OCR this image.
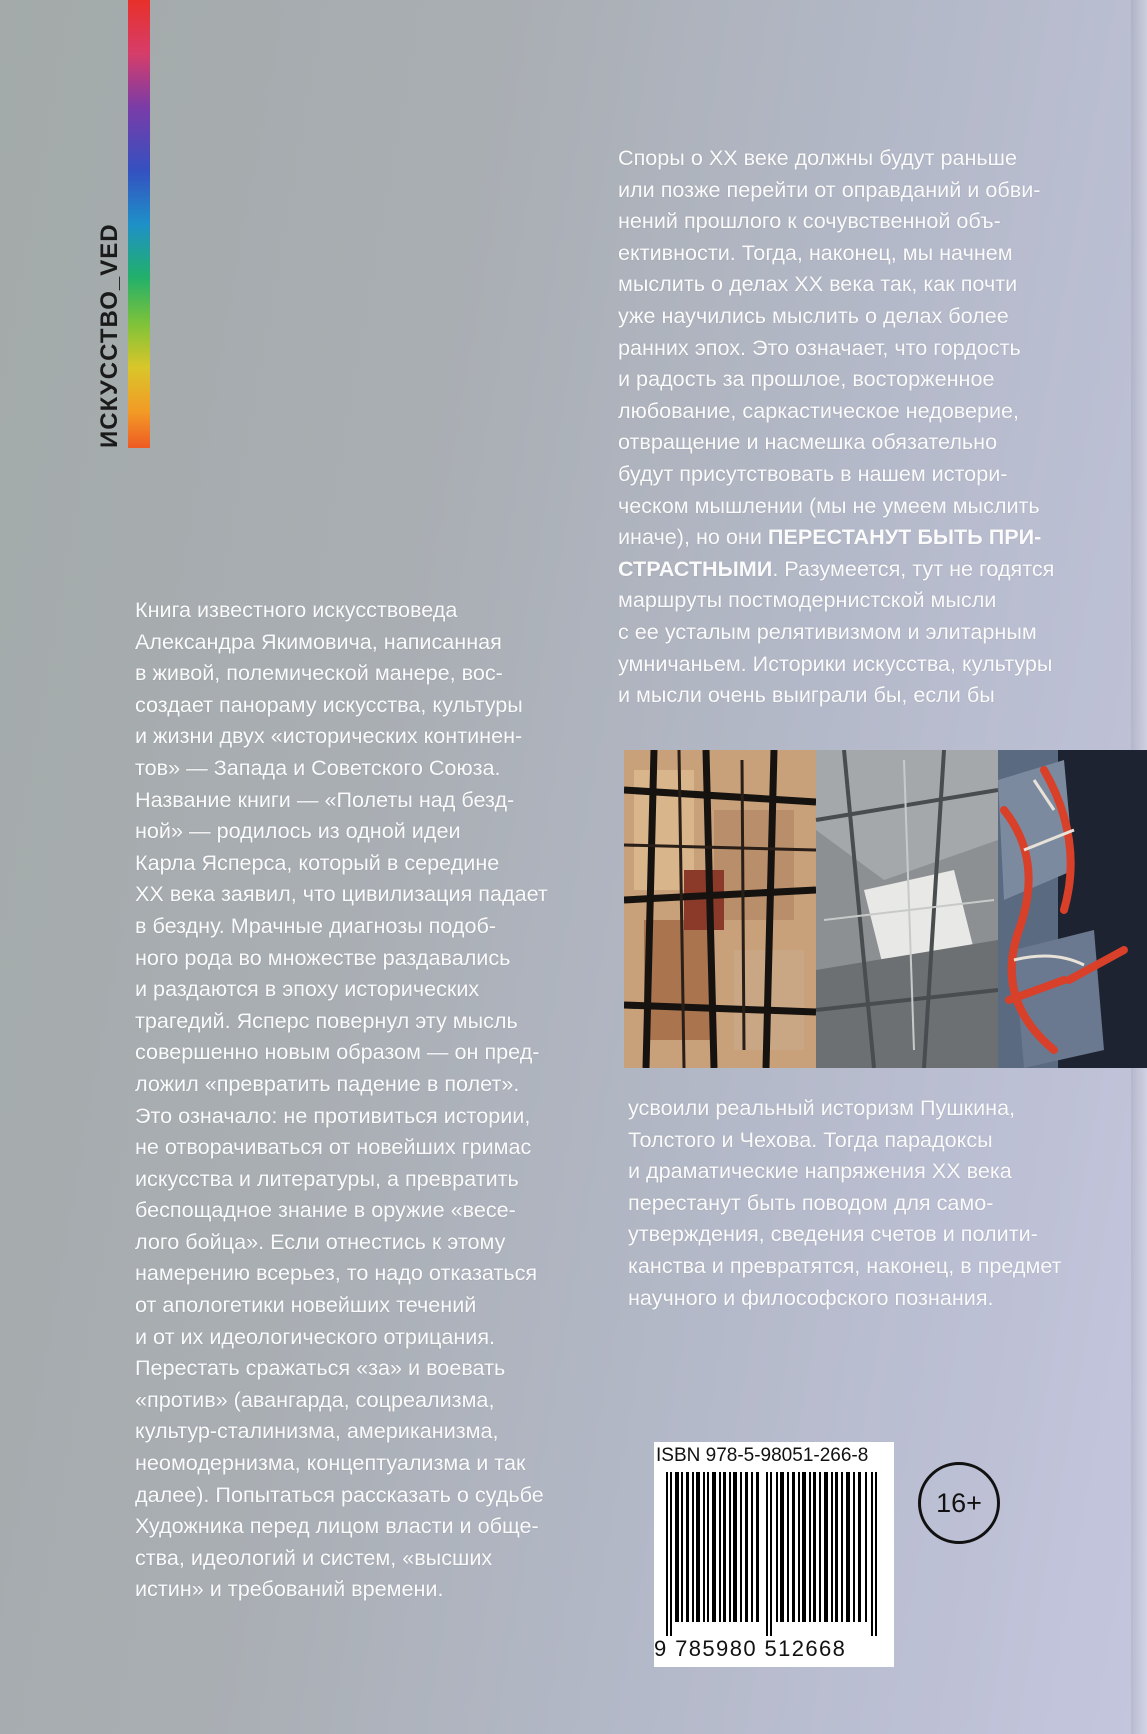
ИСКУССТВО_VED
Книга известного искусствоведа
Александра Якимовича, написанная
в живой, полемической манере, вос-
создает панораму искусства, культуры
и жизни двух «исторических континен-
тов» — Запада и Советского Союза.
Название книги — «Полеты над безд-
ной» — родилось из одной идеи
Карла Ясперса, который в середине
ХХ века заявил, что цивилизация падает
в бездну. Мрачные диагнозы подоб-
ного рода во множестве раздавались
и раздаются в эпоху исторических
трагедий. Ясперс повернул эту мысль
совершенно новым образом — он пред-
ложил «превратить падение в полет».
Это означало: не противиться истории,
не отворачиваться от новейших гримас
искусства и литературы, а превратить
беспощадное знание в оружие «весе-
лого бойца». Если отнестись к этому
намерению всерьез, то надо отказаться
от апологетики новейших течений
и от их идеологического отрицания.
Перестать сражаться «за» и воевать
«против» (авангарда, соцреализма,
культур-сталинизма, американизма,
неомодернизма, концептуализма и так
далее). Попытаться рассказать о судьбе
Художника перед лицом власти и обще-
ства, идеологий и систем, «высших
истин» и требований времени.
Споры о ХХ веке должны будут раньше
или позже перейти от оправданий и обви-
нений прошлого к сочувственной объ-
ективности. Тогда, наконец, мы начнем
мыслить о делах ХХ века так, как почти
уже научились мыслить о делах более
ранних эпох. Это означает, что гордость
и радость за прошлое, восторженное
любование, саркастическое недоверие,
отвращение и насмешка обязательно
будут присутствовать в нашем истори-
ческом мышлении (мы не умеем мыслить
иначе), но они ПЕРЕСТАНУТ БЫТЬ ПРИ-
СТРАСТНЫМИ. Разумеется, тут не годятся
маршруты постмодернистской мысли
с ее усталым релятивизмом и элитарным
умничаньем. Историки искусства, культуры
и мысли очень выиграли бы, если бы
усвоили реальный историзм Пушкина,
Толстого и Чехова. Тогда парадоксы
и драматические напряжения ХХ века
перестанут быть поводом для само-
утверждения, сведения счетов и полити-
канства и превратятся, наконец, в предмет
научного и философского познания.
ISBN 978-5-98051-266-8
9 785980 512668
16+
